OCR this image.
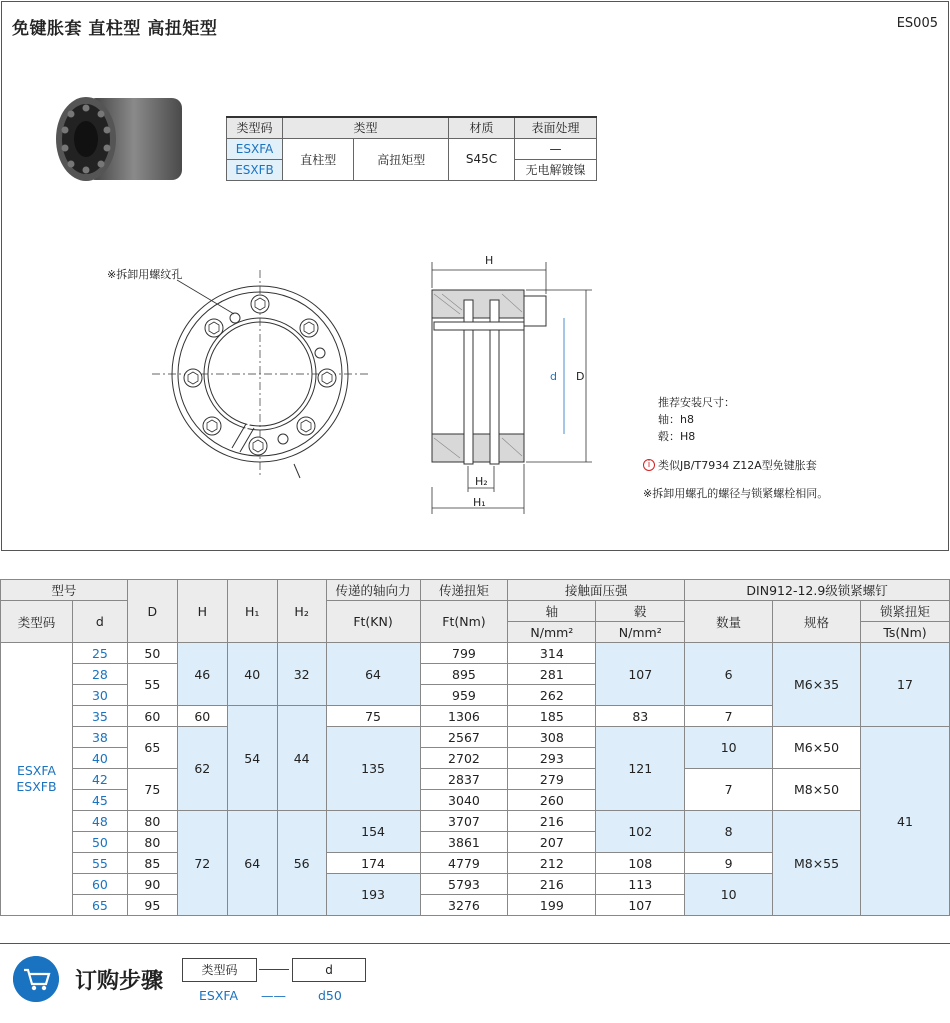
免键胀套 直柱型 高扭矩型	ES005
类型码	类型		材质	表面处理
ESXFA	直柱型	高扭矩型	S45C	—
ESXFB				无电解镀镍
※拆卸用螺纹孔
H
d D
H₂
H₁
推荐安装尺寸：
轴：h8
毂：H8
i 类似JB/T7934 Z12A型免键胀套
※拆卸用螺孔的螺径与锁紧螺栓相同。
型号		D	H	H₁	H₂	传递的轴向力	传递扭矩	接触面压强		DIN912-12.9级锁紧螺钉		
类型码	d					Ft(KN)	Ft(Nm)	轴	毂	数量	规格	锁紧扭矩
								N/mm²	N/mm²			Ts(Nm)
ESXFA
ESXFB	25	50	46	40	32	64	799	314	107	6	M6×35	17
	28	55					895	281				
	30						959	262				
	35	60	60	54	44	75	1306	185	83	7		
	38	65	62			135	2567	308	121	10	M6×50	41
	40						2702	293				
	42	75					2837	279		7	M8×50	
	45						3040	260				
	48	80	72	64	56	154	3707	216	102	8	M8×55	
	50	80					3861	207				
	55	85				174	4779	212	108	9		
	60	90				193	5793	216	113	10		
	65	95					3276	199	107			
订购步骤	类型码	d
ESXFA ——	d50
